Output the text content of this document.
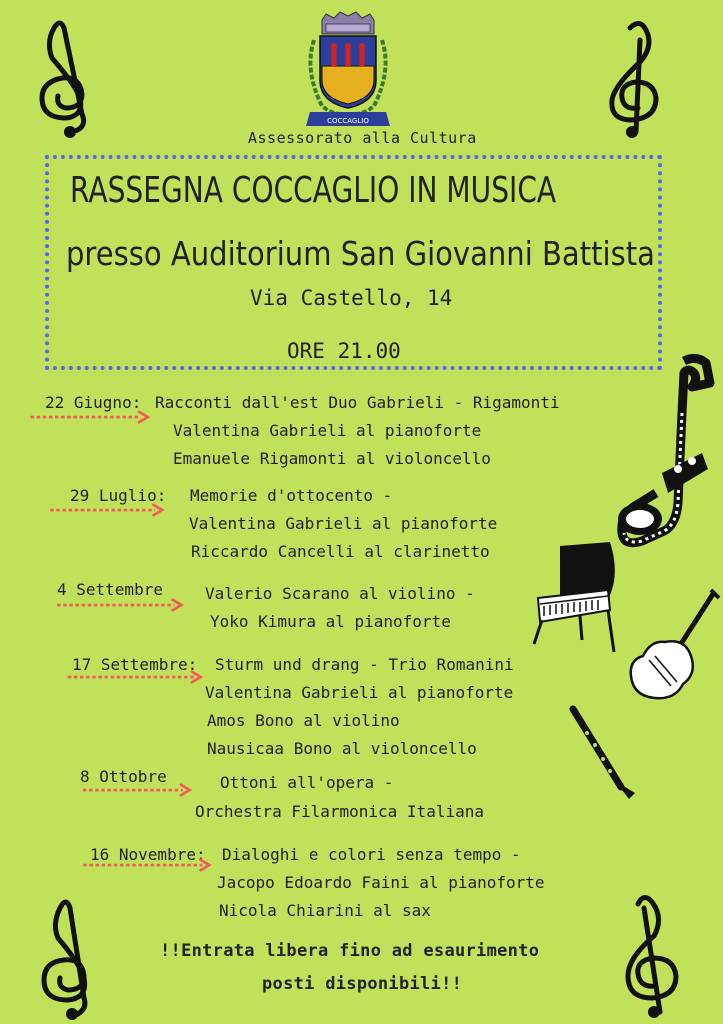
COCCAGLIO
Assessorato alla Cultura
RASSEGNA COCCAGLIO IN MUSICA
presso Auditorium San Giovanni Battista
Via Castello, 14
ORE 21.00
22 Giugno: Racconti dall'est Duo Gabrieli - Rigamonti
Valentina Gabrieli al pianoforte
Emanuele Rigamonti al violoncello
29 Luglio: Memorie d'ottocento -
Valentina Gabrieli al pianoforte
Riccardo Cancelli al clarinetto
4 Settembre	Valerio Scarano al violino -
Yoko Kimura al pianoforte
17 Settembre: Sturm und drang - Trio Romanini
Valentina Gabrieli al pianoforte
Amos Bono al violino
Nausicaa Bono al violoncello
8 Ottobre	Ottoni all'opera -
Orchestra Filarmonica Italiana
16 Novembre: Dialoghi e colori senza tempo -
Jacopo Edoardo Faini al pianoforte
Nicola Chiarini al sax
!!Entrata libera fino ad esaurimento
posti disponibili!!
